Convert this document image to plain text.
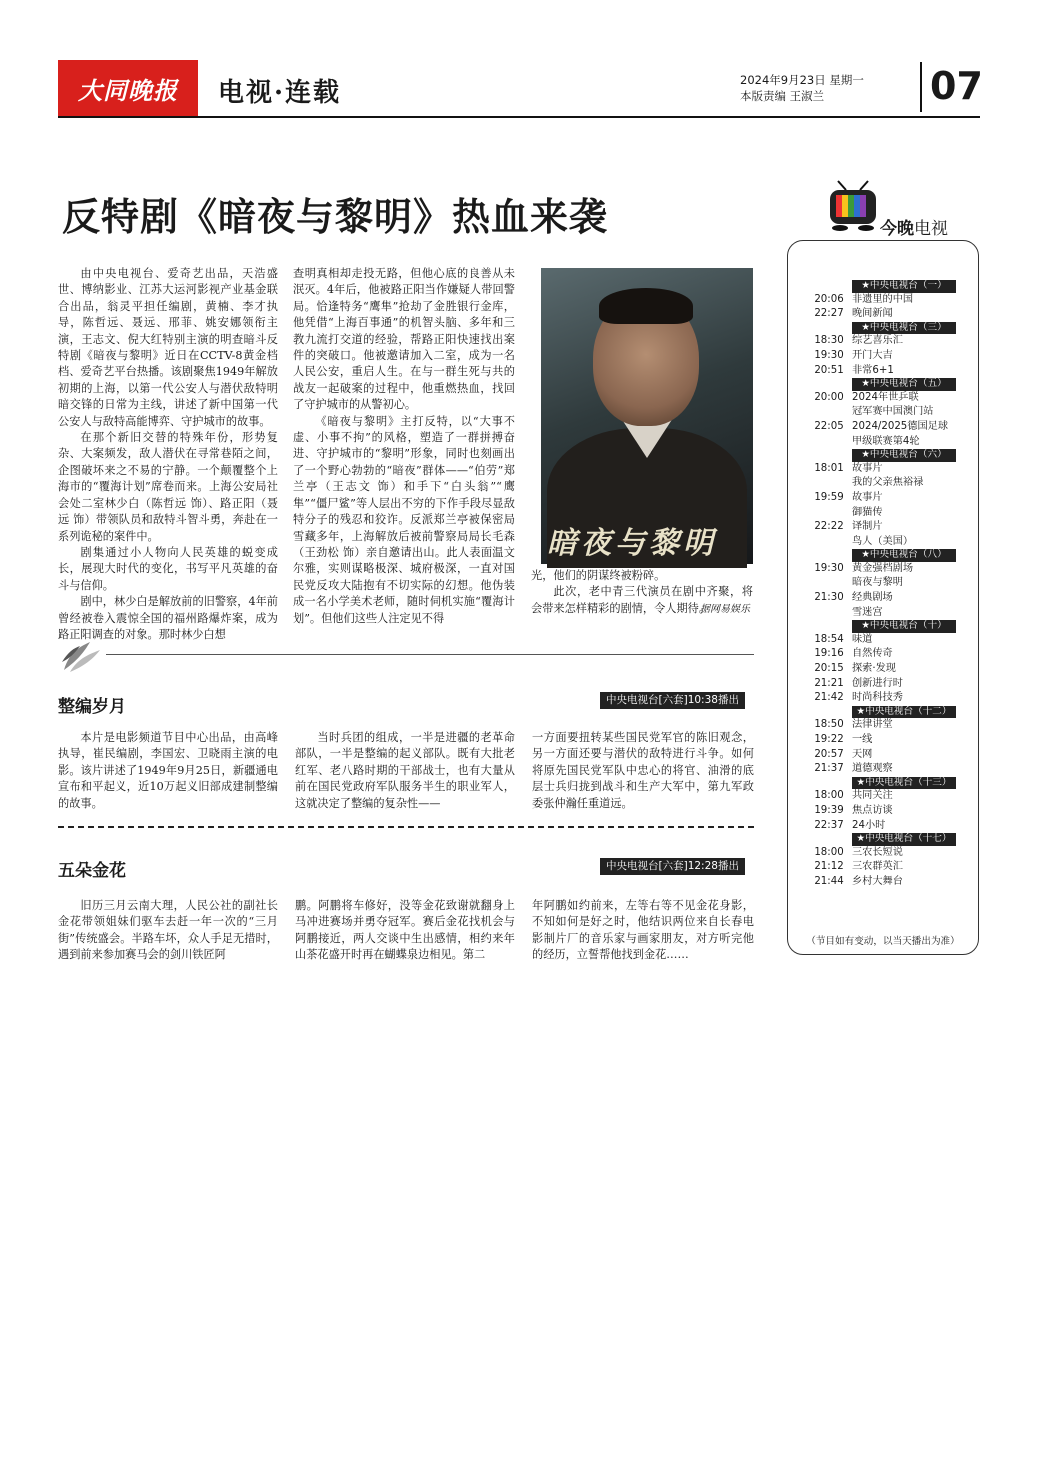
大同晚报 电视·连载	2024年9月23日 星期一
本版责编 王淑兰	07
反特剧《暗夜与黎明》热血来袭

由中央电视台、爱奇艺出品，天浩盛世、博纳影业、江苏大运河影视产业基金联合出品，翁灵平担任编剧，黄楠、李才执导，陈哲远、聂远、邢菲、姚安娜领衔主演，王志文、倪大红特别主演的明查暗斗反特剧《暗夜与黎明》近日在CCTV-8黄金档档、爱奇艺平台热播。该剧聚焦1949年解放初期的上海，以第一代公安人与潜伏敌特明暗交锋的日常为主线，讲述了新中国第一代公安人与敌特高能博弈、守护城市的故事。

在那个新旧交替的特殊年份，形势复杂、大案频发，敌人潜伏在寻常巷陌之间，企图破坏来之不易的宁静。一个颠覆整个上海市的“覆海计划”席卷而来。上海公安局社会处二室林少白（陈哲远 饰）、路正阳（聂远 饰）带领队员和敌特斗智斗勇，奔赴在一系列诡秘的案件中。

剧集通过小人物向人民英雄的蜕变成长，展现大时代的变化，书写平凡英雄的奋斗与信仰。

剧中，林少白是解放前的旧警察，4年前曾经被卷入震惊全国的福州路爆炸案，成为路正阳调查的对象。那时林少白想

查明真相却走投无路，但他心底的良善从未泯灭。4年后，他被路正阳当作嫌疑人带回警局。恰逢特务“鹰隼”抢劫了金胜银行金库，他凭借“上海百事通”的机智头脑、多年和三教九流打交道的经验，帮路正阳快速找出案件的突破口。他被邀请加入二室，成为一名人民公安，重启人生。在与一群生死与共的战友一起破案的过程中，他重燃热血，找回了守护城市的从警初心。

《暗夜与黎明》主打反特，以“大事不虚、小事不拘”的风格，塑造了一群拼搏奋进、守护城市的“黎明”形象，同时也刻画出了一个野心勃勃的“暗夜”群体——“伯劳”郑兰亭（王志文 饰）和手下“白头翁”“鹰隼”“僵尸鲨”等人层出不穷的下作手段尽显敌特分子的残忍和狡诈。反派郑兰亭被保密局雪藏多年，上海解放后被前警察局局长毛森（王劲松 饰）亲自邀请出山。此人表面温文尔雅，实则谋略极深、城府极深，一直对国民党反攻大陆抱有不切实际的幻想。他伪装成一名小学美术老师，随时伺机实施“覆海计划”。但他们这些人注定见不得

暗夜与黎明

光，他们的阴谋终被粉碎。

此次，老中青三代演员在剧中齐聚，将会带来怎样精彩的剧情，令人期待。

据网易娱乐
整编岁月	中央电视台[六套]10:38播出

本片是电影频道节目中心出品，由高峰执导，崔民编剧，李国宏、卫晓雨主演的电影。该片讲述了1949年9月25日，新疆通电宣布和平起义，近10万起义旧部成建制整编的故事。

当时兵团的组成，一半是进疆的老革命部队，一半是整编的起义部队。既有大批老红军、老八路时期的干部战士，也有大量从前在国民党政府军队服务半生的职业军人，这就决定了整编的复杂性——

一方面要扭转某些国民党军官的陈旧观念，另一方面还要与潜伏的敌特进行斗争。如何将原先国民党军队中忠心的将官、油滑的底层士兵归拢到战斗和生产大军中，第九军政委张仲瀚任重道远。

五朵金花	中央电视台[六套]12:28播出

旧历三月云南大理，人民公社的副社长金花带领姐妹们驱车去赶一年一次的“三月街”传统盛会。半路车坏，众人手足无措时，遇到前来参加赛马会的剑川铁匠阿

鹏。阿鹏将车修好，没等金花致谢就翻身上马冲进赛场并勇夺冠军。赛后金花找机会与阿鹏接近，两人交谈中生出感情，相约来年山茶花盛开时再在蝴蝶泉边相见。第二

年阿鹏如约前来，左等右等不见金花身影，不知如何是好之时，他结识两位来自长春电影制片厂的音乐家与画家朋友，对方听完他的经历，立誓帮他找到金花……

今晚电视
★中央电视台（一）
20:06 非遗里的中国
22:27 晚间新闻
★中央电视台（三）
18:30 综艺喜乐汇
19:30 开门大吉
20:51 非常6+1
★中央电视台（五）
20:00 2024年世乒联
冠军赛中国澳门站
22:05 2024/2025德国足球
甲级联赛第4轮
★中央电视台（六）
18:01 故事片
我的父亲焦裕禄
19:59 故事片
御猫传
22:22 译制片
鸟人（美国）
★中央电视台（八）
19:30 黄金强档剧场
暗夜与黎明
21:30 经典剧场
雪迷宫
★中央电视台（十）
18:54 味道
19:16 自然传奇
20:15 探索·发现
21:21 创新进行时
21:42 时尚科技秀
★中央电视台（十二）
18:50 法律讲堂
19:22 一线
20:57 天网
21:37 道德观察
★中央电视台（十三）
18:00 共同关注
19:39 焦点访谈
22:37 24小时
★中央电视台（十七）
18:00 三农长短说
21:12 三农群英汇
21:44 乡村大舞台
（节目如有变动，以当天播出为准）
